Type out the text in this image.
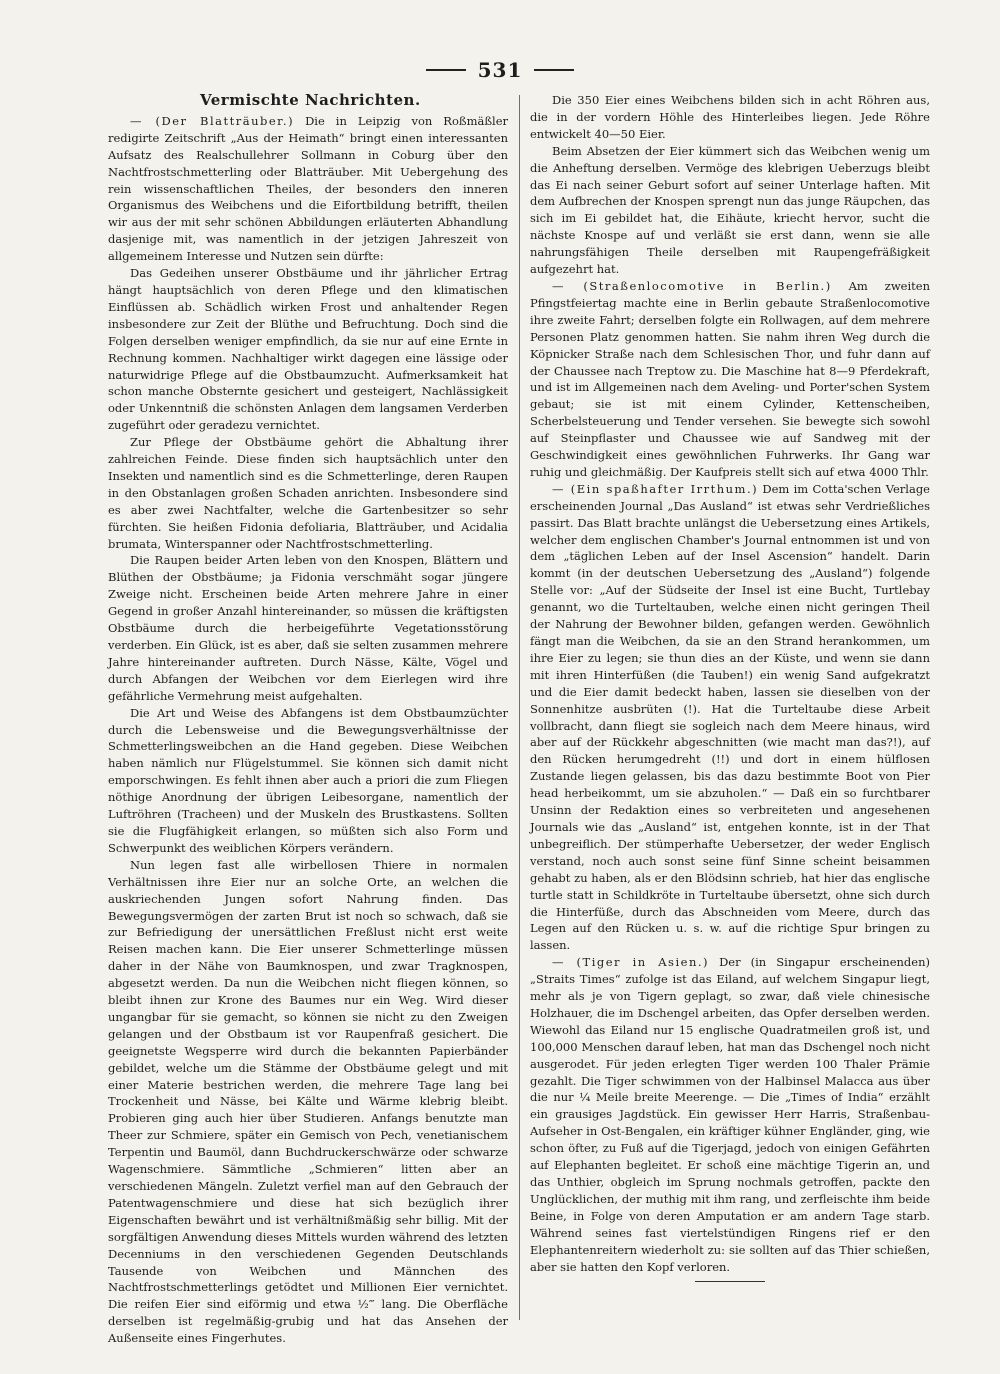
531
Vermischte Nachrichten.

— (Der Blatträuber.) Die in Leipzig von Roßmäßler redigirte Zeitschrift „Aus der Heimath“ bringt einen interessanten Aufsatz des Realschullehrer Sollmann in Coburg über den Nachtfrostschmetterling oder Blatträuber. Mit Uebergehung des rein wissenschaftlichen Theiles, der besonders den inneren Organismus des Weibchens und die Eifortbildung betrifft, theilen wir aus der mit sehr schönen Abbildungen erläuterten Abhandlung dasjenige mit, was namentlich in der jetzigen Jahreszeit von allgemeinem Interesse und Nutzen sein dürfte:

Das Gedeihen unserer Obstbäume und ihr jährlicher Ertrag hängt hauptsächlich von deren Pflege und den klimatischen Einflüssen ab. Schädlich wirken Frost und anhaltender Regen insbesondere zur Zeit der Blüthe und Befruchtung. Doch sind die Folgen derselben weniger empfindlich, da sie nur auf eine Ernte in Rechnung kommen. Nachhaltiger wirkt dagegen eine lässige oder naturwidrige Pflege auf die Obstbaumzucht. Aufmerksamkeit hat schon manche Obsternte gesichert und gesteigert, Nachlässigkeit oder Unkenntniß die schönsten Anlagen dem langsamen Verderben zugeführt oder geradezu vernichtet.

Zur Pflege der Obstbäume gehört die Abhaltung ihrer zahlreichen Feinde. Diese finden sich hauptsächlich unter den Insekten und namentlich sind es die Schmetterlinge, deren Raupen in den Obstanlagen großen Schaden anrichten. Insbesondere sind es aber zwei Nachtfalter, welche die Gartenbesitzer so sehr fürchten. Sie heißen Fidonia defoliaria, Blatträuber, und Acidalia brumata, Winterspanner oder Nachtfrostschmetterling.

Die Raupen beider Arten leben von den Knospen, Blättern und Blüthen der Obstbäume; ja Fidonia verschmäht sogar jüngere Zweige nicht. Erscheinen beide Arten mehrere Jahre in einer Gegend in großer Anzahl hintereinander, so müssen die kräftigsten Obstbäume durch die herbeigeführte Vegetationsstörung verderben. Ein Glück, ist es aber, daß sie selten zusammen mehrere Jahre hintereinander auftreten. Durch Nässe, Kälte, Vögel und durch Abfangen der Weibchen vor dem Eierlegen wird ihre gefährliche Vermehrung meist aufgehalten.

Die Art und Weise des Abfangens ist dem Obstbaumzüchter durch die Lebensweise und die Bewegungsverhältnisse der Schmetterlingsweibchen an die Hand gegeben. Diese Weibchen haben nämlich nur Flügelstummel. Sie können sich damit nicht emporschwingen. Es fehlt ihnen aber auch a priori die zum Fliegen nöthige Anordnung der übrigen Leibesorgane, namentlich der Luftröhren (Tracheen) und der Muskeln des Brustkastens. Sollten sie die Flugfähigkeit erlangen, so müßten sich also Form und Schwerpunkt des weiblichen Körpers verändern.

Nun legen fast alle wirbellosen Thiere in normalen Verhältnissen ihre Eier nur an solche Orte, an welchen die auskriechenden Jungen sofort Nahrung finden. Das Bewegungsvermögen der zarten Brut ist noch so schwach, daß sie zur Befriedigung der unersättlichen Freßlust nicht erst weite Reisen machen kann. Die Eier unserer Schmetterlinge müssen daher in der Nähe von Baumknospen, und zwar Tragknospen, abgesetzt werden. Da nun die Weibchen nicht fliegen können, so bleibt ihnen zur Krone des Baumes nur ein Weg. Wird dieser ungangbar für sie gemacht, so können sie nicht zu den Zweigen gelangen und der Obstbaum ist vor Raupenfraß gesichert. Die geeignetste Wegsperre wird durch die bekannten Papierbänder gebildet, welche um die Stämme der Obstbäume gelegt und mit einer Materie bestrichen werden, die mehrere Tage lang bei Trockenheit und Nässe, bei Kälte und Wärme klebrig bleibt. Probieren ging auch hier über Studieren. Anfangs benutzte man Theer zur Schmiere, später ein Gemisch von Pech, venetianischem Terpentin und Baumöl, dann Buchdruckerschwärze oder schwarze Wagenschmiere. Sämmtliche „Schmieren“ litten aber an verschiedenen Mängeln. Zuletzt verfiel man auf den Gebrauch der Patentwagenschmiere und diese hat sich bezüglich ihrer Eigenschaften bewährt und ist verhältnißmäßig sehr billig. Mit der sorgfältigen Anwendung dieses Mittels wurden während des letzten Decenniums in den verschiedenen Gegenden Deutschlands Tausende von Weibchen und Männchen des Nachtfrostschmetterlings getödtet und Millionen Eier vernichtet. Die reifen Eier sind eiförmig und etwa ½‴ lang. Die Oberfläche derselben ist regelmäßig-grubig und hat das Ansehen der Außenseite eines Fingerhutes.

Die 350 Eier eines Weibchens bilden sich in acht Röhren aus, die in der vordern Höhle des Hinterleibes liegen. Jede Röhre entwickelt 40—50 Eier.

Beim Absetzen der Eier kümmert sich das Weibchen wenig um die Anheftung derselben. Vermöge des klebrigen Ueberzugs bleibt das Ei nach seiner Geburt sofort auf seiner Unterlage haften. Mit dem Aufbrechen der Knospen sprengt nun das junge Räupchen, das sich im Ei gebildet hat, die Eihäute, kriecht hervor, sucht die nächste Knospe auf und verläßt sie erst dann, wenn sie alle nahrungsfähigen Theile derselben mit Raupengefräßigkeit aufgezehrt hat.

— (Straßenlocomotive in Berlin.) Am zweiten Pfingstfeiertag machte eine in Berlin gebaute Straßenlocomotive ihre zweite Fahrt; derselben folgte ein Rollwagen, auf dem mehrere Personen Platz genommen hatten. Sie nahm ihren Weg durch die Köpnicker Straße nach dem Schlesischen Thor, und fuhr dann auf der Chaussee nach Treptow zu. Die Maschine hat 8—9 Pferdekraft, und ist im Allgemeinen nach dem Aveling- und Porter'schen System gebaut; sie ist mit einem Cylinder, Kettenscheiben, Scherbelsteuerung und Tender versehen. Sie bewegte sich sowohl auf Steinpflaster und Chaussee wie auf Sandweg mit der Geschwindigkeit eines gewöhnlichen Fuhrwerks. Ihr Gang war ruhig und gleichmäßig. Der Kaufpreis stellt sich auf etwa 4000 Thlr.

— (Ein spaßhafter Irrthum.) Dem im Cotta'schen Verlage erscheinenden Journal „Das Ausland“ ist etwas sehr Verdrießliches passirt. Das Blatt brachte unlängst die Uebersetzung eines Artikels, welcher dem englischen Chamber's Journal entnommen ist und von dem „täglichen Leben auf der Insel Ascension“ handelt. Darin kommt (in der deutschen Uebersetzung des „Ausland“) folgende Stelle vor: „Auf der Südseite der Insel ist eine Bucht, Turtlebay genannt, wo die Turteltauben, welche einen nicht geringen Theil der Nahrung der Bewohner bilden, gefangen werden. Gewöhnlich fängt man die Weibchen, da sie an den Strand herankommen, um ihre Eier zu legen; sie thun dies an der Küste, und wenn sie dann mit ihren Hinterfüßen (die Tauben!) ein wenig Sand aufgekratzt und die Eier damit bedeckt haben, lassen sie dieselben von der Sonnenhitze ausbrüten (!). Hat die Turteltaube diese Arbeit vollbracht, dann fliegt sie sogleich nach dem Meere hinaus, wird aber auf der Rückkehr abgeschnitten (wie macht man das?!), auf den Rücken herumgedreht (!!) und dort in einem hülflosen Zustande liegen gelassen, bis das dazu bestimmte Boot von Pier head herbeikommt, um sie abzuholen.“ — Daß ein so furchtbarer Unsinn der Redaktion eines so verbreiteten und angesehenen Journals wie das „Ausland“ ist, entgehen konnte, ist in der That unbegreiflich. Der stümperhafte Uebersetzer, der weder Englisch verstand, noch auch sonst seine fünf Sinne scheint beisammen gehabt zu haben, als er den Blödsinn schrieb, hat hier das englische turtle statt in Schildkröte in Turteltaube übersetzt, ohne sich durch die Hinterfüße, durch das Abschneiden vom Meere, durch das Legen auf den Rücken u. s. w. auf die richtige Spur bringen zu lassen.

— (Tiger in Asien.) Der (in Singapur erscheinenden) „Straits Times“ zufolge ist das Eiland, auf welchem Singapur liegt, mehr als je von Tigern geplagt, so zwar, daß viele chinesische Holzhauer, die im Dschengel arbeiten, das Opfer derselben werden. Wiewohl das Eiland nur 15 englische Quadratmeilen groß ist, und 100,000 Menschen darauf leben, hat man das Dschengel noch nicht ausgerodet. Für jeden erlegten Tiger werden 100 Thaler Prämie gezahlt. Die Tiger schwimmen von der Halbinsel Malacca aus über die nur ¼ Meile breite Meerenge. — Die „Times of India“ erzählt ein grausiges Jagdstück. Ein gewisser Herr Harris, Straßenbau-Aufseher in Ost-Bengalen, ein kräftiger kühner Engländer, ging, wie schon öfter, zu Fuß auf die Tigerjagd, jedoch von einigen Gefährten auf Elephanten begleitet. Er schoß eine mächtige Tigerin an, und das Unthier, obgleich im Sprung nochmals getroffen, packte den Unglücklichen, der muthig mit ihm rang, und zerfleischte ihm beide Beine, in Folge von deren Amputation er am andern Tage starb. Während seines fast viertelstündigen Ringens rief er den Elephantenreitern wiederholt zu: sie sollten auf das Thier schießen, aber sie hatten den Kopf verloren.
